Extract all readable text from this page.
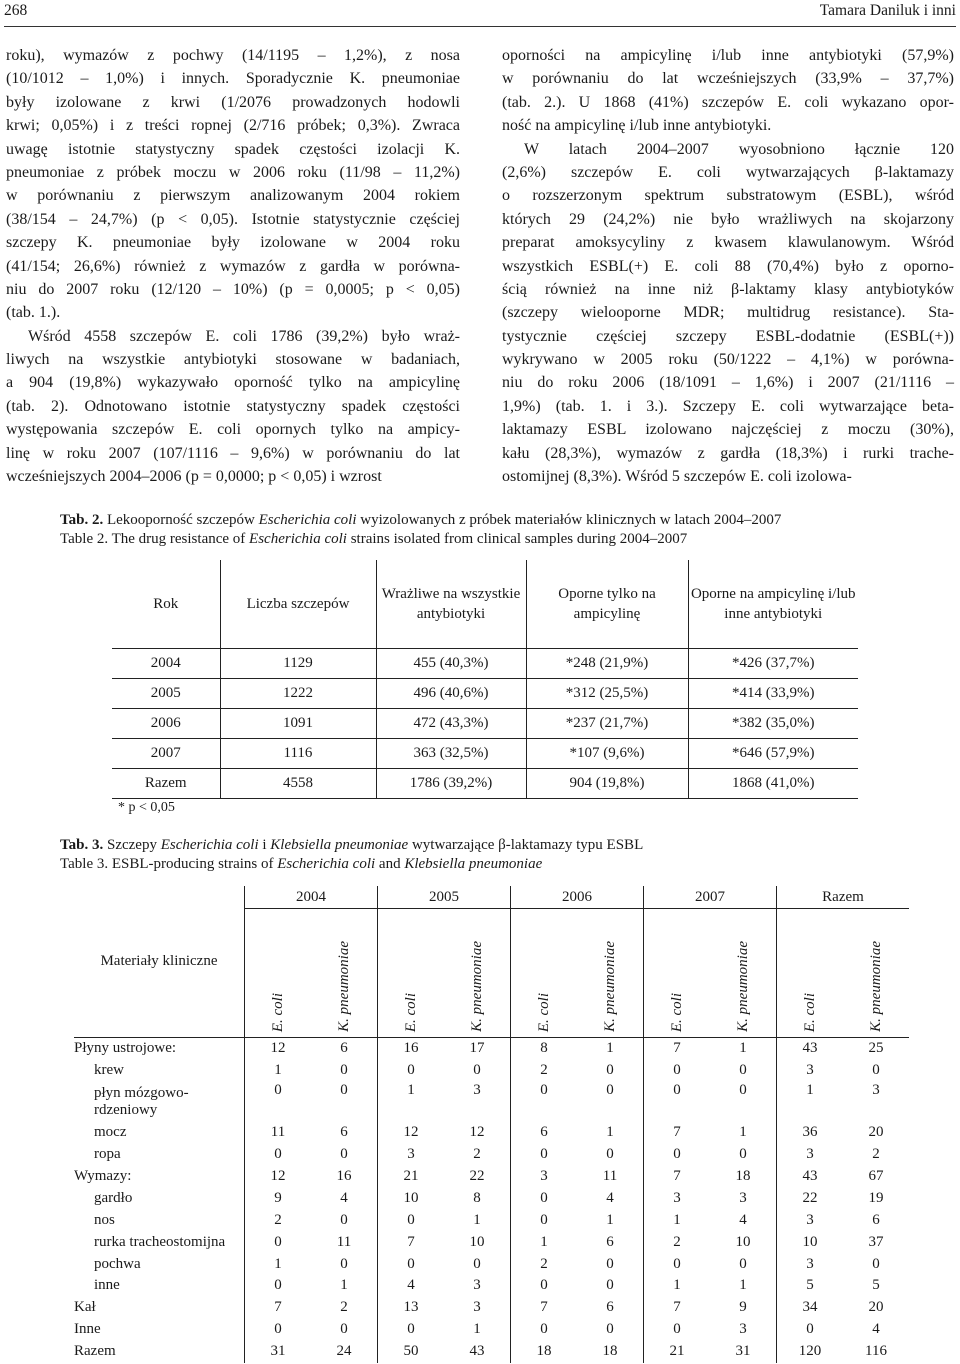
268	Tamara Daniluk i inni
roku), wymazów z pochwy (14/1195 – 1,2%), z nosa
(10/1012 – 1,0%) i innych. Sporadycznie K. pneumoniae
były izolowane z krwi (1/2076 prowadzonych hodowli
krwi; 0,05%) i z treści ropnej (2/716 próbek; 0,3%). Zwraca
uwagę istotnie statystyczny spadek częstości izolacji K.
pneumoniae z próbek moczu w 2006 roku (11/98 – 11,2%)
w porównaniu z pierwszym analizowanym 2004 rokiem
(38/154 – 24,7%) (p < 0,05). Istotnie statystycznie częściej
szczepy K. pneumoniae były izolowane w 2004 roku
(41/154; 26,6%) również z wymazów z gardła w porówna-
niu do 2007 roku (12/120 – 10%) (p = 0,0005; p < 0,05)
(tab. 1.).
Wśród 4558 szczepów E. coli 1786 (39,2%) było wraż-
liwych na wszystkie antybiotyki stosowane w badaniach,
a 904 (19,8%) wykazywało oporność tylko na ampicylinę
(tab. 2). Odnotowano istotnie statystyczny spadek częstości
występowania szczepów E. coli opornych tylko na ampicy-
linę w roku 2007 (107/1116 – 9,6%) w porównaniu do lat
wcześniejszych 2004–2006 (p = 0,0000; p < 0,05) i wzrost
oporności na ampicylinę i/lub inne antybiotyki (57,9%)
w porównaniu do lat wcześniejszych (33,9% – 37,7%)
(tab. 2.). U 1868 (41%) szczepów E. coli wykazano opor-
ność na ampicylinę i/lub inne antybiotyki.
W latach 2004–2007 wyosobniono łącznie 120
(2,6%) szczepów E. coli wytwarzających β-laktamazy
o rozszerzonym spektrum substratowym (ESBL), wśród
których 29 (24,2%) nie było wrażliwych na skojarzony
preparat amoksycyliny z kwasem klawulanowym. Wśród
wszystkich ESBL(+) E. coli 88 (70,4%) było z oporno-
ścią również na inne niż β-laktamy klasy antybiotyków
(szczepy wielooporne MDR; multidrug resistance). Sta-
tystycznie częściej szczepy ESBL-dodatnie (ESBL(+))
wykrywano w 2005 roku (50/1222 – 4,1%) w porówna-
niu do roku 2006 (18/1091 – 1,6%) i 2007 (21/1116 –
1,9%) (tab. 1. i 3.). Szczepy E. coli wytwarzające beta-
laktamazy ESBL izolowano najczęściej z moczu (30%),
kału (28,3%), wymazów z gardła (18,3%) i rurki trache-
ostomijnej (8,3%). Wśród 5 szczepów E. coli izolowa-
Tab. 2. Lekooporność szczepów Escherichia coli wyizolowanych z próbek materiałów klinicznych w latach 2004–2007
Table 2. The drug resistance of Escherichia coli strains isolated from clinical samples during 2004–2007
Rok	Liczba szczepów	Wrażliwe na wszystkie antybiotyki	Oporne tylko na ampicylinę	Oporne na ampicylinę i/lub inne antybiotyki
2004	1129	455 (40,3%)	*248 (21,9%)	*426 (37,7%)
2005	1222	496 (40,6%)	*312 (25,5%)	*414 (33,9%)
2006	1091	472 (43,3%)	*237 (21,7%)	*382 (35,0%)
2007	1116	363 (32,5%)	*107 (9,6%)	*646 (57,9%)
Razem	4558	1786 (39,2%)	904 (19,8%)	1868 (41,0%)
* p < 0,05
Tab. 3. Szczepy Escherichia coli i Klebsiella pneumoniae wytwarzające β-laktamazy typu ESBL
Table 3. ESBL-producing strains of Escherichia coli and Klebsiella pneumoniae
Materiały kliniczne	2004		2005		2006		2007		Razem	
	E. coli	K. pneumoniae	E. coli	K. pneumoniae	E. coli	K. pneumoniae	E. coli	K. pneumoniae	E. coli	K. pneumoniae
Płyny ustrojowe:	12	6	16	17	8	1	7	1	43	25
krew	1	0	0	0	2	0	0	0	3	0
płyn mózgowo-rdzeniowy	0	0	1	3	0	0	0	0	1	3
mocz	11	6	12	12	6	1	7	1	36	20
ropa	0	0	3	2	0	0	0	0	3	2
Wymazy:	12	16	21	22	3	11	7	18	43	67
gardło	9	4	10	8	0	4	3	3	22	19
nos	2	0	0	1	0	1	1	4	3	6
rurka tracheostomijna	0	11	7	10	1	6	2	10	10	37
pochwa	1	0	0	0	2	0	0	0	3	0
inne	0	1	4	3	0	0	1	1	5	5
Kał	7	2	13	3	7	6	7	9	34	20
Inne	0	0	0	1	0	0	0	3	0	4
Razem	31	24	50	43	18	18	21	31	120	116
